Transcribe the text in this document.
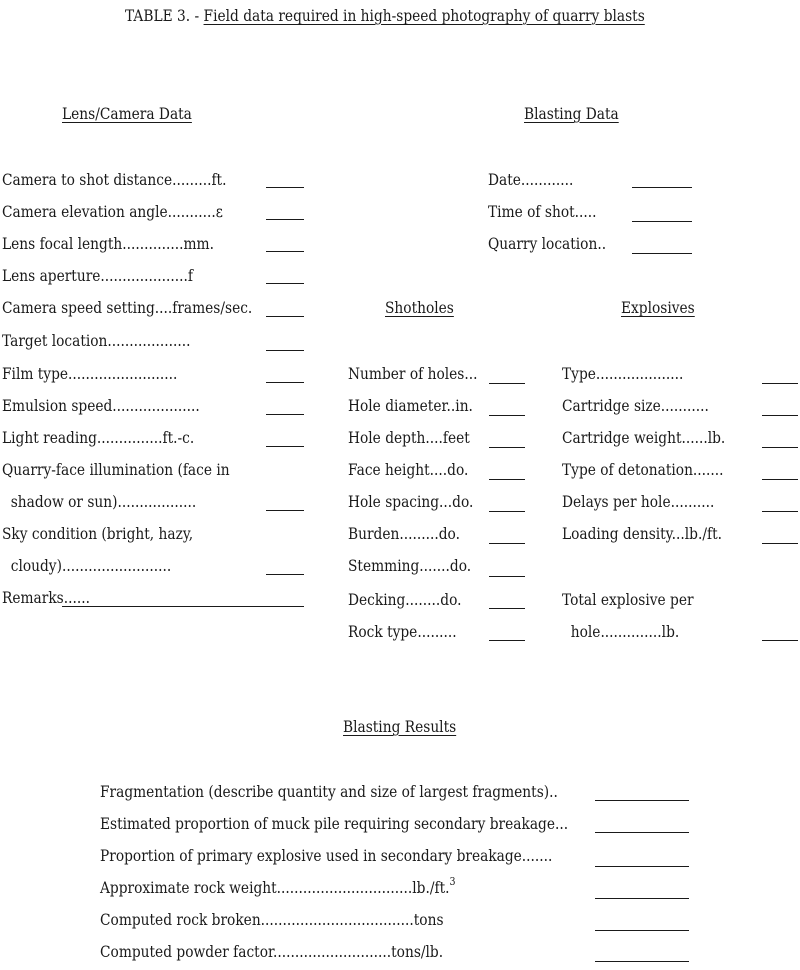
TABLE 3. - Field data required in high-speed photography of quarry blasts
Lens/Camera Data	Blasting Data
Shotholes	Explosives
Camera to shot distance.........ft.
Camera elevation angle...........ε
Lens focal length..............mm.
Lens aperture....................f
Camera speed setting....frames/sec.
Target location...................
Film type.........................
Emulsion speed....................
Light reading...............ft.-c.
Quarry-face illumination (face in
shadow or sun)..................
Sky condition (bright, hazy,
cloudy).........................
Remarks......
Date............
Time of shot.....
Quarry location..
Number of holes...
Hole diameter..in.
Hole depth....feet
Face height....do.
Hole spacing...do.
Burden.........do.
Stemming.......do.
Decking........do.
Rock type.........
Type....................
Cartridge size...........
Cartridge weight......lb.
Type of detonation.......
Delays per hole..........
Loading density...lb./ft.
Total explosive per
hole..............lb.
Blasting Results
Fragmentation (describe quantity and size of largest fragments)..
Estimated proportion of muck pile requiring secondary breakage...
Proportion of primary explosive used in secondary breakage.......
Approximate rock weight...............................lb./ft.$^3$
Computed rock broken...................................tons
Computed powder factor...........................tons/lb.
